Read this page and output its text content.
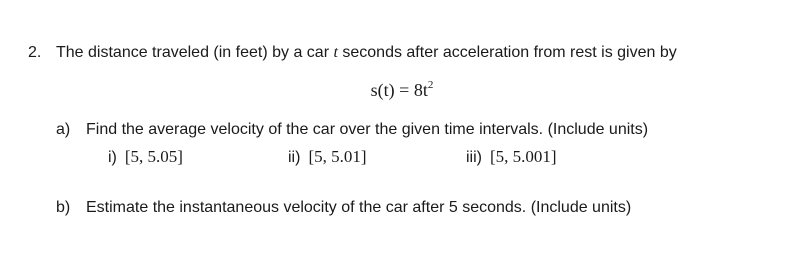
2. The distance traveled (in feet) by a car t seconds after acceleration from rest is given by
$s(t) = 8t^2$
a) Find the average velocity of the car over the given time intervals. (Include units)
i) [5, 5.05]	ii) [5, 5.01]	iii) [5, 5.001]
b) Estimate the instantaneous velocity of the car after 5 seconds. (Include units)
